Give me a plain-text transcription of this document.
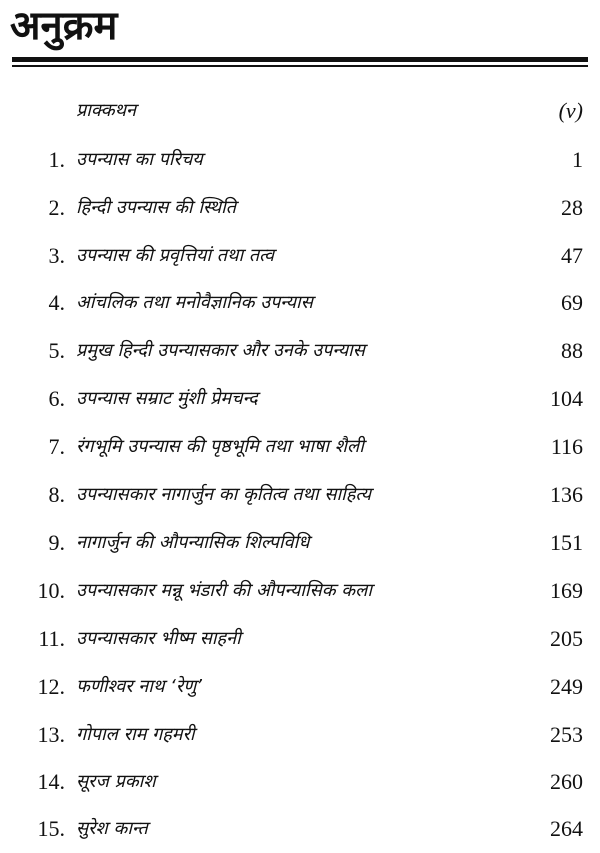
अनुक्रम
प्राक्कथन	(v)
1. उपन्यास का परिचय	1
2. हिन्दी उपन्यास की स्थिति	28
3. उपन्यास की प्रवृत्तियां तथा तत्व	47
4. आंचलिक तथा मनोवैज्ञानिक उपन्यास	69
5. प्रमुख हिन्दी उपन्यासकार और उनके उपन्यास	88
6. उपन्यास सम्राट मुंशी प्रेमचन्द	104
7. रंगभूमि उपन्यास की पृष्ठभूमि तथा भाषा शैली	116
8. उपन्यासकार नागार्जुन का कृतित्व तथा साहित्य	136
9. नागार्जुन की औपन्यासिक शिल्पविधि	151
10. उपन्यासकार मन्नू भंडारी की औपन्यासिक कला	169
11. उपन्यासकार भीष्म साहनी	205
12. फणीश्वर नाथ ‘रेणु’	249
13. गोपाल राम गहमरी	253
14. सूरज प्रकाश	260
15. सुरेश कान्त	264
